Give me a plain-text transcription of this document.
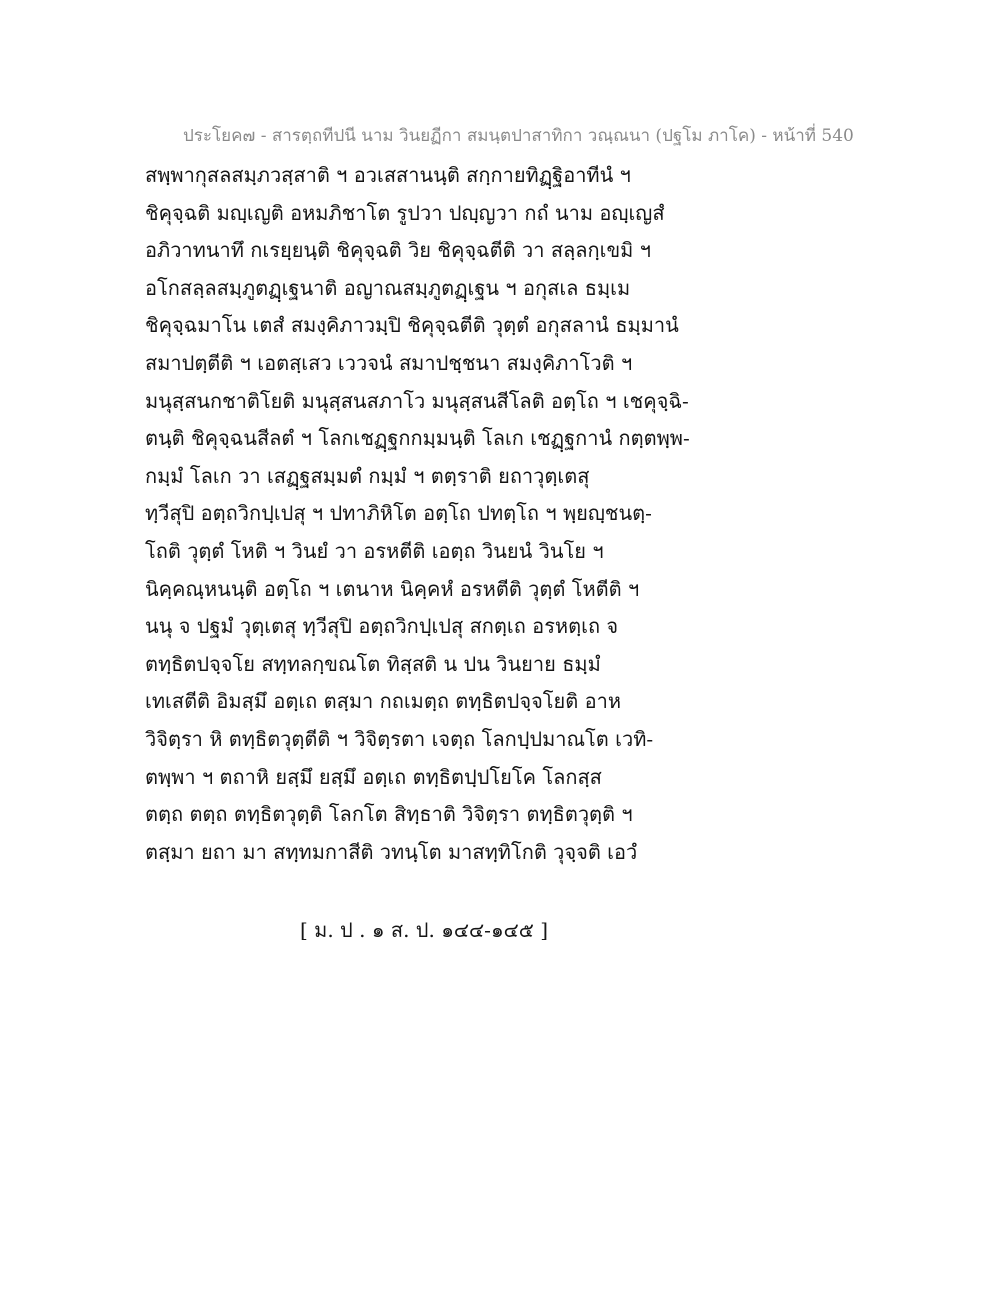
ประโยค๗ - สารตฺถทีปนี นาม วินยฏีกา สมนฺตปาสาทิกา วณฺณนา (ปฐโม ภาโค) - หน้าที่ 540
สพฺพากุสลสมฺภวสฺสาติ ฯ อวเสสานนฺติ สกฺกายทิฏฺฐิอาทีนํ ฯ
ชิคุจฺฉติ มญฺเญติ อหมภิชาโต รูปวา ปญฺญวา กถํ นาม อญฺเญสํ
อภิวาทนาทึ กเรยฺยนฺติ ชิคุจฺฉติ วิย ชิคุจฺฉตีติ วา สลฺลกฺเขมิ ฯ
อโกสลฺลสมฺภูตฏฺเฐนาติ อญาณสมฺภูตฏฺเฐน ฯ อกุสเล ธมฺเม
ชิคุจฺฉมาโน เตสํ สมงฺคิภาวมฺปิ ชิคุจฺฉตีติ วุตฺตํ อกุสลานํ ธมฺมานํ
สมาปตฺตีติ ฯ เอตสฺเสว เววจนํ สมาปชฺชนา สมงฺคิภาโวติ ฯ
มนุสฺสนกชาติโยติ มนุสฺสนสภาโว มนุสฺสนสีโลติ อตฺโถ ฯ เชคุจฺฉิ-
ตนฺติ ชิคุจฺฉนสีลตํ ฯ โลกเชฏฺฐกกมฺมนฺติ โลเก เชฏฺฐกานํ กตฺตพฺพ-
กมฺมํ โลเก วา เสฏฺฐสมฺมตํ กมฺมํ ฯ ตตฺราติ ยถาวุตฺเตสุ
ทฺวีสุปิ อตฺถวิกปฺเปสุ ฯ ปทาภิหิโต อตฺโถ ปทตฺโถ ฯ พฺยญฺชนตฺ-
โถติ วุตฺตํ โหติ ฯ วินยํ วา อรหตีติ เอตฺถ วินยนํ วินโย ฯ
นิคฺคณฺหนนฺติ อตฺโถ ฯ เตนาห นิคฺคหํ อรหตีติ วุตฺตํ โหตีติ ฯ
นนุ จ ปฐมํ วุตฺเตสุ ทฺวีสุปิ อตฺถวิกปฺเปสุ สกตฺเถ อรหตฺเถ จ
ตทฺธิตปจฺจโย สทฺทลกฺขณโต ทิสฺสติ น ปน วินยาย ธมฺมํ
เทเสตีติ อิมสฺมึ อตฺเถ ตสฺมา กถเมตฺถ ตทฺธิตปจฺจโยติ อาห
วิจิตฺรา หิ ตทฺธิตวุตฺตีติ ฯ วิจิตฺรตา เจตฺถ โลกปฺปมาณโต เวทิ-
ตพฺพา ฯ ตถาหิ ยสฺมึ ยสฺมึ อตฺเถ ตทฺธิตปฺปโยโค โลกสฺส
ตตฺถ ตตฺถ ตทฺธิตวุตฺติ โลกโต สิทฺธาติ วิจิตฺรา ตทฺธิตวุตฺติ ฯ
ตสฺมา ยถา มา สทฺทมกาสีติ วทนฺโต มาสทฺทิโกติ วุจฺจติ เอวํ
[ ม. ป . ๑ ส. ป. ๑๔๔-๑๔๕ ]
